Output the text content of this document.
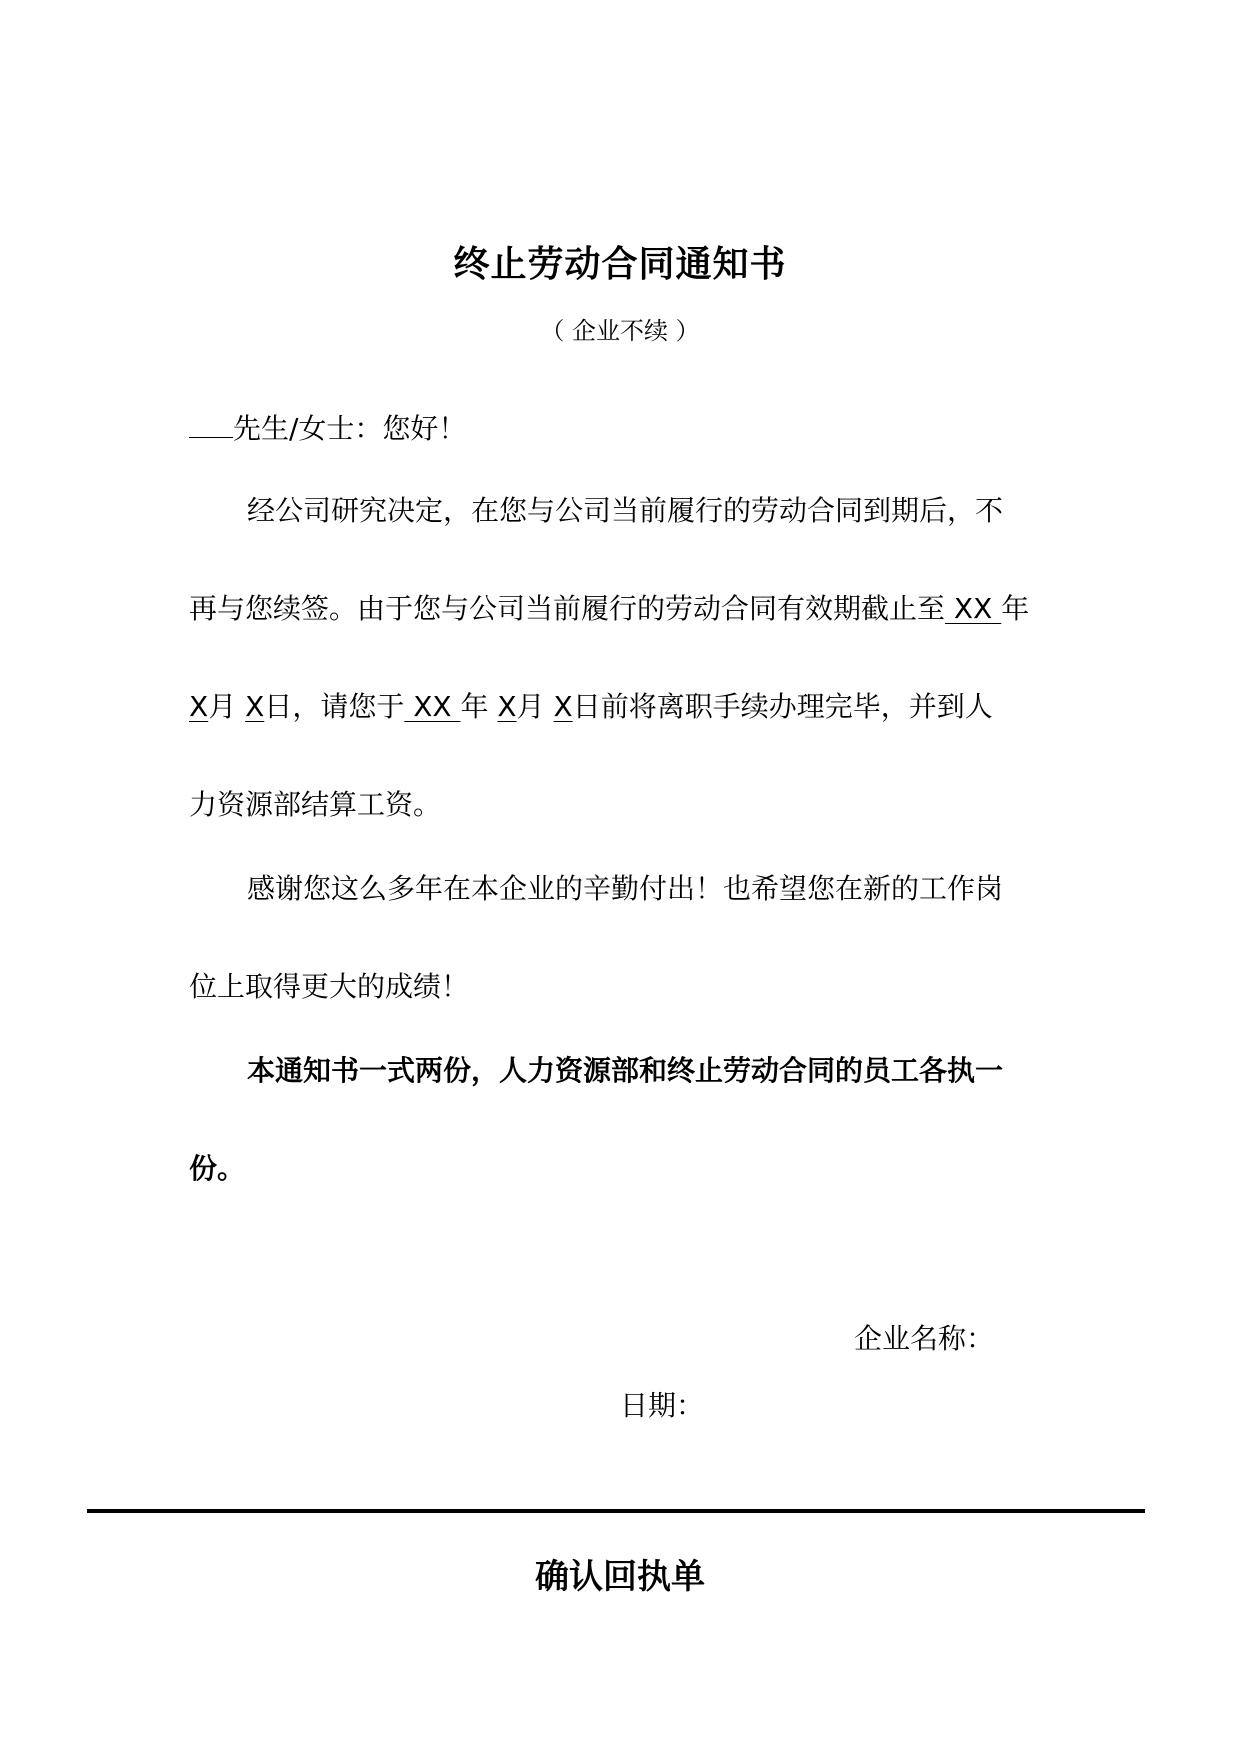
终止劳动合同通知书
（ 企业不续 ）
先生/女士：您好！
经公司研究决定，在您与公司当前履行的劳动合同到期后，不
再与您续签。由于您与公司当前履行的劳动合同有效期截止至 XX 年
X月 X日，请您于 XX 年 X月 X日前将离职手续办理完毕，并到人
力资源部结算工资。
感谢您这么多年在本企业的辛勤付出！也希望您在新的工作岗
位上取得更大的成绩！
本通知书一式两份，人力资源部和终止劳动合同的员工各执一
份。
企业名称：
日期：
确认回执单
